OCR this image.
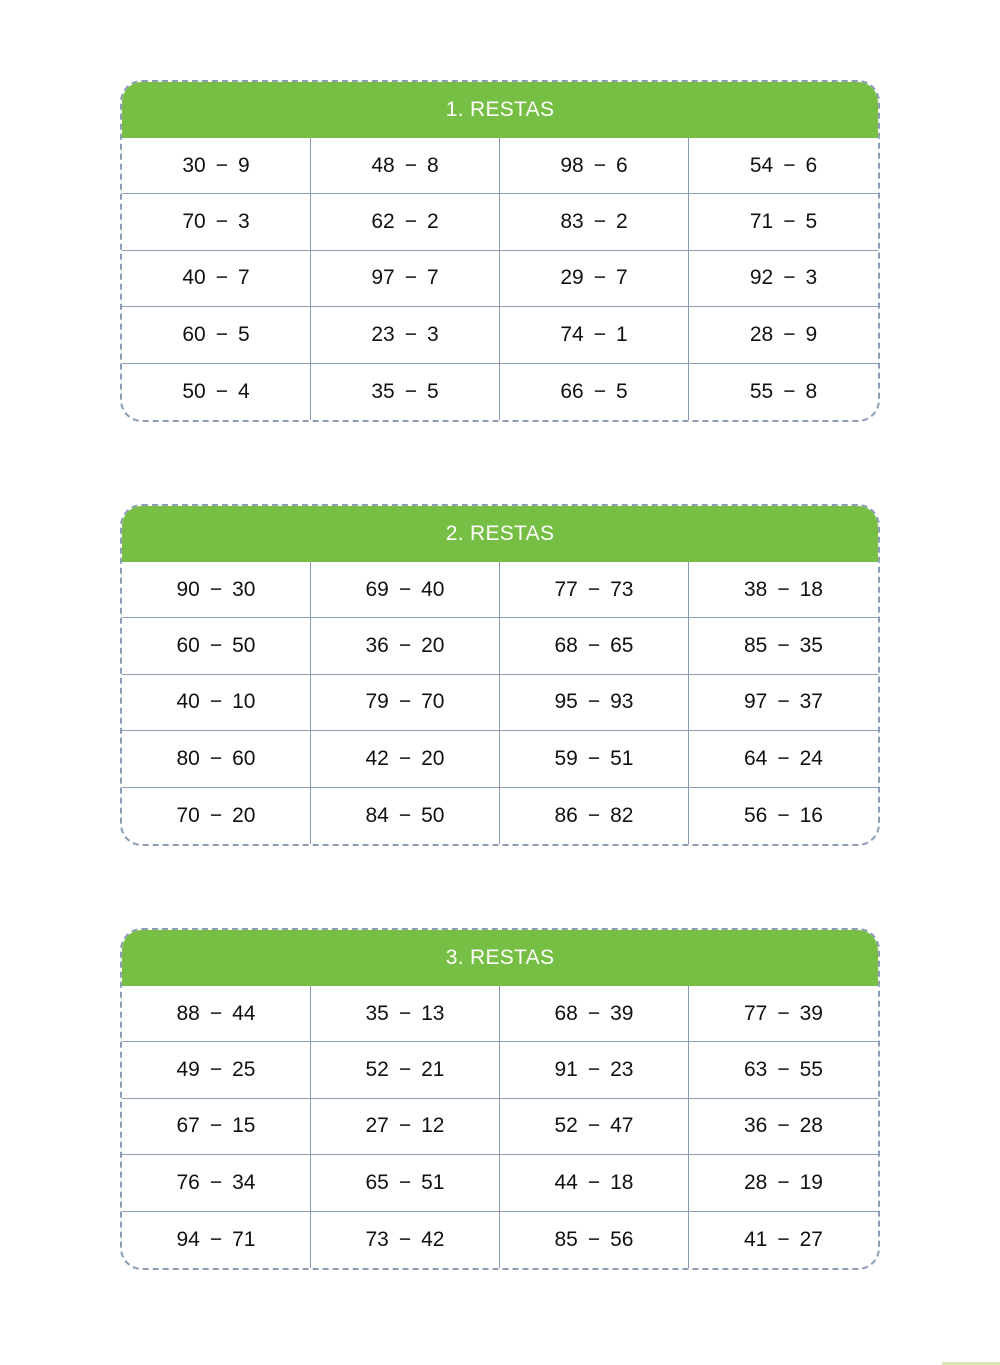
1. RESTAS
30 − 9	48 − 8	98 − 6	54 − 6
70 − 3	62 − 2	83 − 2	71 − 5
40 − 7	97 − 7	29 − 7	92 − 3
60 − 5	23 − 3	74 − 1	28 − 9
50 − 4	35 − 5	66 − 5	55 − 8
2. RESTAS
90 − 30	69 − 40	77 − 73	38 − 18
60 − 50	36 − 20	68 − 65	85 − 35
40 − 10	79 − 70	95 − 93	97 − 37
80 − 60	42 − 20	59 − 51	64 − 24
70 − 20	84 − 50	86 − 82	56 − 16
3. RESTAS
88 − 44	35 − 13	68 − 39	77 − 39
49 − 25	52 − 21	91 − 23	63 − 55
67 − 15	27 − 12	52 − 47	36 − 28
76 − 34	65 − 51	44 − 18	28 − 19
94 − 71	73 − 42	85 − 56	41 − 27
